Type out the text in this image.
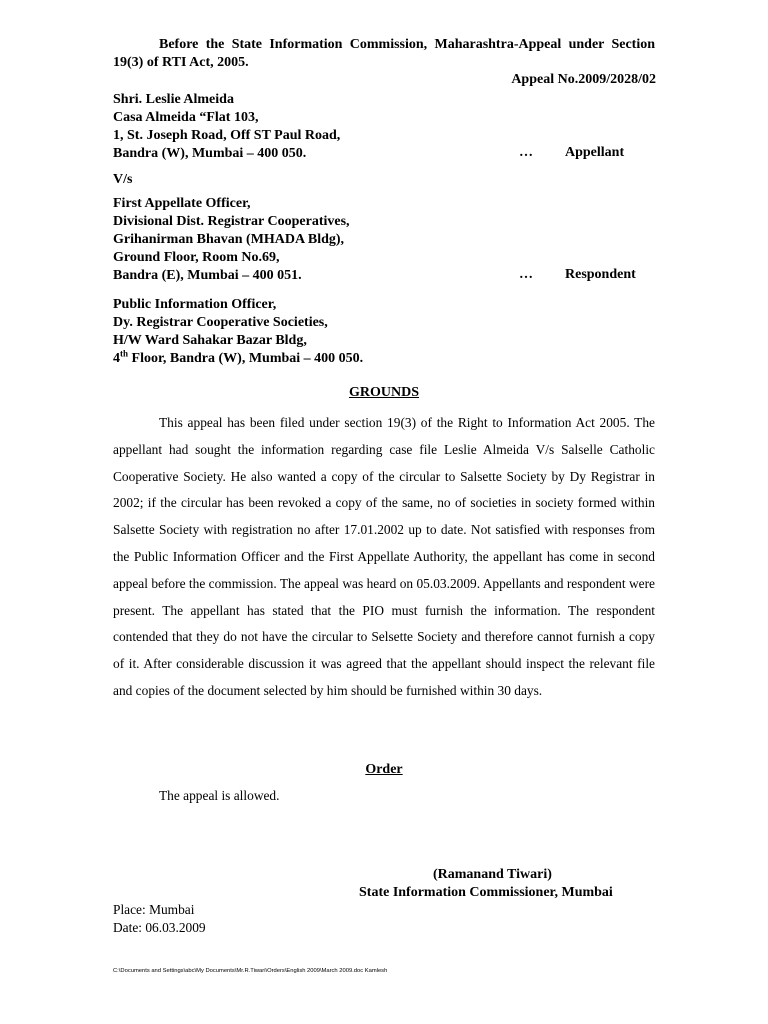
Before the State Information Commission, Maharashtra-Appeal under Section 19(3) of RTI Act, 2005.
Appeal No.2009/2028/02
Shri. Leslie Almeida
Casa Almeida “Flat 103,
1, St. Joseph Road, Off ST Paul Road,
Bandra (W), Mumbai – 400 050.	… Appellant
V/s
First Appellate Officer,
Divisional Dist. Registrar Cooperatives,
Grihanirman Bhavan (MHADA Bldg),
Ground Floor, Room No.69,
Bandra (E), Mumbai – 400 051.	… Respondent
Public Information Officer,
Dy. Registrar Cooperative Societies,
H/W Ward Sahakar Bazar Bldg,
4th Floor, Bandra (W), Mumbai – 400 050.
GROUNDS
This appeal has been filed under section 19(3) of the Right to Information Act 2005. The appellant had sought the information regarding case file Leslie Almeida V/s Salselle Catholic Cooperative Society. He also wanted a copy of the circular to Salsette Society by Dy Registrar in 2002; if the circular has been revoked a copy of the same, no of societies in society formed within Salsette Society with registration no after 17.01.2002 up to date. Not satisfied with responses from the Public Information Officer and the First Appellate Authority, the appellant has come in second appeal before the commission. The appeal was heard on 05.03.2009. Appellants and respondent were present. The appellant has stated that the PIO must furnish the information. The respondent contended that they do not have the circular to Selsette Society and therefore cannot furnish a copy of it. After considerable discussion it was agreed that the appellant should inspect the relevant file and copies of the document selected by him should be furnished within 30 days.
Order
The appeal is allowed.
(Ramanand Tiwari)
State Information Commissioner, Mumbai
Place: Mumbai
Date: 06.03.2009
C:\Documents and Settings\abc\My Documents\Mr.R.Tiwari\Orders\English 2009\March 2009.doc Kamlesh
